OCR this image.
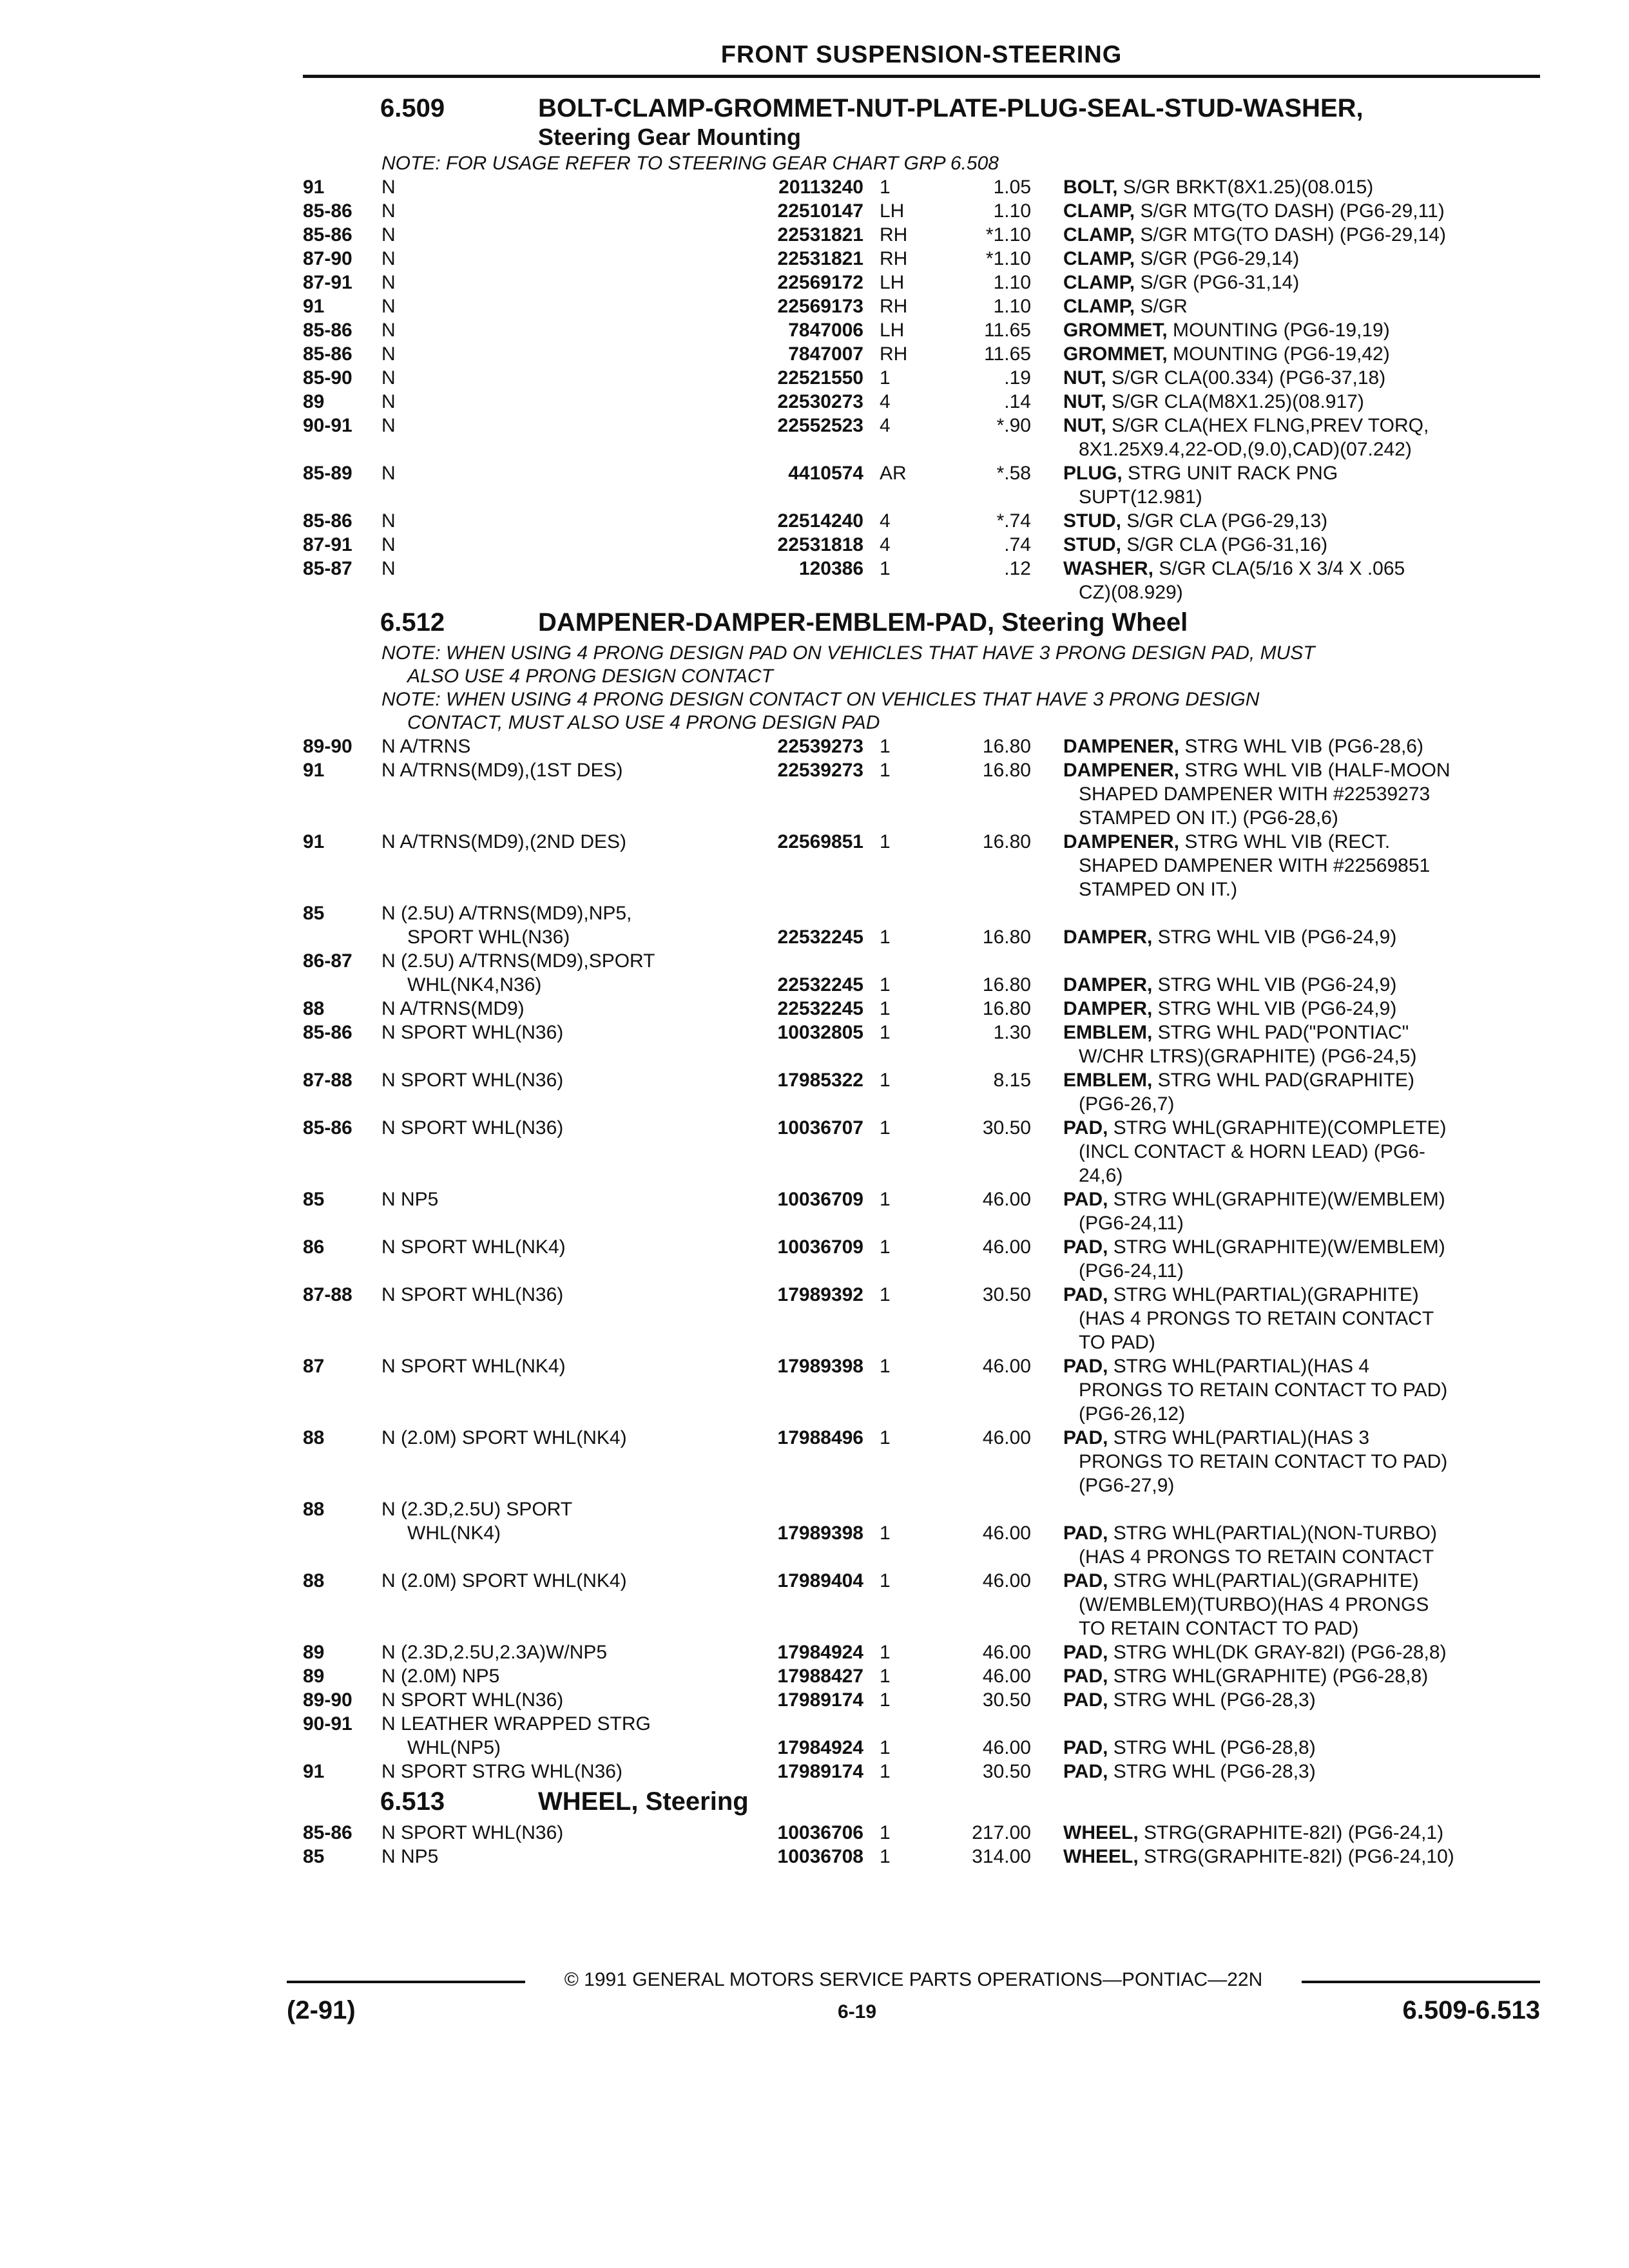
FRONT SUSPENSION-STEERING
6.509	BOLT-CLAMP-GROMMET-NUT-PLATE-PLUG-SEAL-STUD-WASHER,
Steering Gear Mounting
NOTE: FOR USAGE REFER TO STEERING GEAR CHART GRP 6.508
91	N	20113240 1	1.05 BOLT, S/GR BRKT(8X1.25)(08.015)
85-86	N	22510147 LH	1.10 CLAMP, S/GR MTG(TO DASH) (PG6-29,11)
85-86	N	22531821 RH	*1.10 CLAMP, S/GR MTG(TO DASH) (PG6-29,14)
87-90	N	22531821 RH	*1.10 CLAMP, S/GR (PG6-29,14)
87-91	N	22569172 LH	1.10 CLAMP, S/GR (PG6-31,14)
91	N	22569173 RH	1.10 CLAMP, S/GR
85-86	N	7847006 LH	11.65 GROMMET, MOUNTING (PG6-19,19)
85-86	N	7847007 RH	11.65 GROMMET, MOUNTING (PG6-19,42)
85-90	N	22521550 1	.19 NUT, S/GR CLA(00.334) (PG6-37,18)
89	N	22530273 4	.14 NUT, S/GR CLA(M8X1.25)(08.917)
90-91	N	22552523 4	*.90 NUT, S/GR CLA(HEX FLNG,PREV TORQ,
8X1.25X9.4,22-OD,(9.0),CAD)(07.242)
85-89	N	4410574 AR	*.58 PLUG, STRG UNIT RACK PNG
SUPT(12.981)
85-86	N	22514240 4	*.74 STUD, S/GR CLA (PG6-29,13)
87-91	N	22531818 4	.74 STUD, S/GR CLA (PG6-31,16)
85-87	N	120386 1	.12 WASHER, S/GR CLA(5/16 X 3/4 X .065
CZ)(08.929)
6.512	DAMPENER-DAMPER-EMBLEM-PAD, Steering Wheel
NOTE: WHEN USING 4 PRONG DESIGN PAD ON VEHICLES THAT HAVE 3 PRONG DESIGN PAD, MUST
ALSO USE 4 PRONG DESIGN CONTACT
NOTE: WHEN USING 4 PRONG DESIGN CONTACT ON VEHICLES THAT HAVE 3 PRONG DESIGN
CONTACT, MUST ALSO USE 4 PRONG DESIGN PAD
89-90	N A/TRNS	22539273 1	16.80 DAMPENER, STRG WHL VIB (PG6-28,6)
91	N A/TRNS(MD9),(1ST DES)	22539273 1	16.80 DAMPENER, STRG WHL VIB (HALF-MOON
SHAPED DAMPENER WITH #22539273
STAMPED ON IT.) (PG6-28,6)
91	N A/TRNS(MD9),(2ND DES)	22569851 1	16.80 DAMPENER, STRG WHL VIB (RECT.
SHAPED DAMPENER WITH #22569851
STAMPED ON IT.)
85	N (2.5U) A/TRNS(MD9),NP5,
SPORT WHL(N36)	22532245 1	16.80 DAMPER, STRG WHL VIB (PG6-24,9)
86-87	N (2.5U) A/TRNS(MD9),SPORT
WHL(NK4,N36)	22532245 1	16.80 DAMPER, STRG WHL VIB (PG6-24,9)
88	N A/TRNS(MD9)	22532245 1	16.80 DAMPER, STRG WHL VIB (PG6-24,9)
85-86	N SPORT WHL(N36)	10032805 1	1.30 EMBLEM, STRG WHL PAD("PONTIAC"
W/CHR LTRS)(GRAPHITE) (PG6-24,5)
87-88	N SPORT WHL(N36)	17985322 1	8.15 EMBLEM, STRG WHL PAD(GRAPHITE)
(PG6-26,7)
85-86	N SPORT WHL(N36)	10036707 1	30.50 PAD, STRG WHL(GRAPHITE)(COMPLETE)
(INCL CONTACT & HORN LEAD) (PG6-
24,6)
85	N NP5	10036709 1	46.00 PAD, STRG WHL(GRAPHITE)(W/EMBLEM)
(PG6-24,11)
86	N SPORT WHL(NK4)	10036709 1	46.00 PAD, STRG WHL(GRAPHITE)(W/EMBLEM)
(PG6-24,11)
87-88	N SPORT WHL(N36)	17989392 1	30.50 PAD, STRG WHL(PARTIAL)(GRAPHITE)
(HAS 4 PRONGS TO RETAIN CONTACT
TO PAD)
87	N SPORT WHL(NK4)	17989398 1	46.00 PAD, STRG WHL(PARTIAL)(HAS 4
PRONGS TO RETAIN CONTACT TO PAD)
(PG6-26,12)
88	N (2.0M) SPORT WHL(NK4)	17988496 1	46.00 PAD, STRG WHL(PARTIAL)(HAS 3
PRONGS TO RETAIN CONTACT TO PAD)
(PG6-27,9)
88	N (2.3D,2.5U) SPORT
WHL(NK4)	17989398 1	46.00 PAD, STRG WHL(PARTIAL)(NON-TURBO)
(HAS 4 PRONGS TO RETAIN CONTACT
88	N (2.0M) SPORT WHL(NK4)	17989404 1	46.00 PAD, STRG WHL(PARTIAL)(GRAPHITE)
(W/EMBLEM)(TURBO)(HAS 4 PRONGS
TO RETAIN CONTACT TO PAD)
89	N (2.3D,2.5U,2.3A)W/NP5	17984924 1	46.00 PAD, STRG WHL(DK GRAY-82I) (PG6-28,8)
89	N (2.0M) NP5	17988427 1	46.00 PAD, STRG WHL(GRAPHITE) (PG6-28,8)
89-90	N SPORT WHL(N36)	17989174 1	30.50 PAD, STRG WHL (PG6-28,3)
90-91	N LEATHER WRAPPED STRG
WHL(NP5)	17984924 1	46.00 PAD, STRG WHL (PG6-28,8)
91	N SPORT STRG WHL(N36)	17989174 1	30.50 PAD, STRG WHL (PG6-28,3)
6.513	WHEEL, Steering
85-86	N SPORT WHL(N36)	10036706 1	217.00 WHEEL, STRG(GRAPHITE-82I) (PG6-24,1)
85	N NP5	10036708 1	314.00 WHEEL, STRG(GRAPHITE-82I) (PG6-24,10)
© 1991 GENERAL MOTORS SERVICE PARTS OPERATIONS—PONTIAC—22N
(2-91)	6-19	6.509-6.513
